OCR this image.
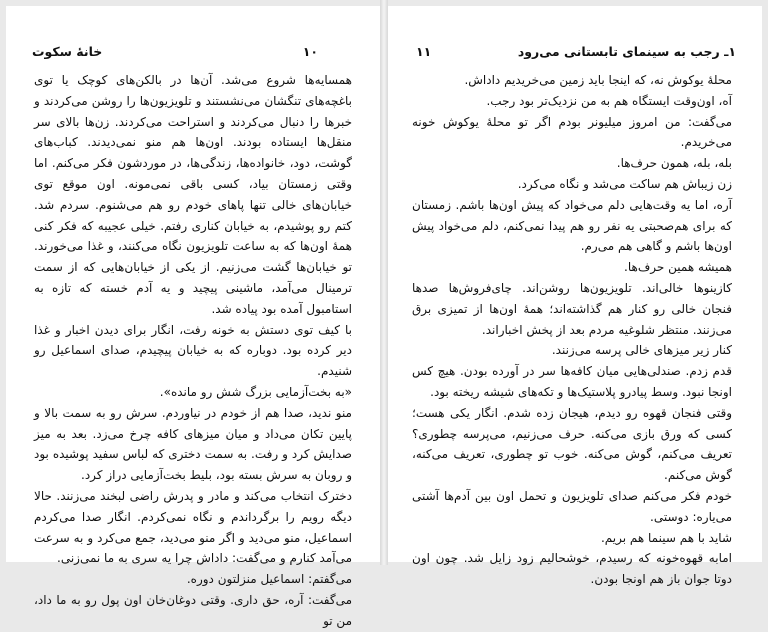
خانۀ سکوت	۱۰

همسایه‌ها شروع می‌شد. آن‌ها در بالکن‌های کوچک یا توی باغچه‌های تنگشان می‌نشستند و تلویزیون‌ها را روشن می‌کردند و خبرها را دنبال می‌کردند و استراحت می‌کردند. زن‌ها بالای سر منقل‌ها ایستاده بودند. اون‌ها هم منو نمی‌دیدند. کباب‌های گوشت، دود، خانواده‌ها، زندگی‌ها، در موردشون فکر می‌کنم. اما وقتی زمستان بیاد، کسی باقی نمی‌مونه. اون موقع توی خیابان‌های خالی تنها پاهای خودم رو هم می‌شنوم. سردم شد. کتم رو پوشیدم، به خیابان کناری رفتم. خیلی عجیبه که فکر کنی همهٔ اون‌ها که به ساعت تلویزیون نگاه می‌کنند، و غذا می‌خورند. تو خیابان‌ها گشت می‌زنیم. از یکی از خیابان‌هایی که از سمت ترمینال می‌آمد، ماشینی پیچید و یه آدم خسته که تازه به استامبول آمده بود پیاده شد.

با کیف توی دستش به خونه رفت، انگار برای دیدن اخبار و غذا دیر کرده بود. دوباره که به خیابان پیچیدم، صدای اسماعیل رو شنیدم.

«به بخت‌آزمایی بزرگ شش رو مانده».

منو ندید، صدا هم از خودم در نیاوردم. سرش رو به سمت بالا و پایین تکان می‌داد و میان میزهای کافه چرخ می‌زد. بعد به میز صدایش کرد و رفت. به سمت دختری که لباس سفید پوشیده بود و روبان به سرش بسته بود، بلیط بخت‌آزمایی دراز کرد.

دخترک انتخاب می‌کند و مادر و پدرش راضی لبخند می‌زنند. حالا دیگه رویم را برگرداندم و نگاه نمی‌کردم. انگار صدا می‌کردم اسماعیل، منو می‌دید و اگر منو می‌دید، جمع می‌کرد و به سرعت می‌آمد کنارم و می‌گفت: داداش چرا یه سری به ما نمی‌زنی.

می‌گفتم: اسماعیل منزلتون دوره.

می‌گفت: آره، حق داری. وقتی دوغان‌خان اون پول رو به ما داد، من تو

۱۱	۱ـ رجب به سینمای تابستانی می‌رود

محلهٔ یوکوش نه، که اینجا باید زمین می‌خریدیم داداش.

آه، اون‌وقت ایستگاه هم به من نزدیک‌تر بود رجب.

می‌گفت: من امروز میلیونر بودم اگر تو محلهٔ یوکوش خونه می‌خریدم.

بله، بله، همون حرف‌ها.

زن زیباش هم ساکت می‌شد و نگاه می‌کرد.

آره، اما یه وقت‌هایی دلم می‌خواد که پیش اون‌ها باشم. زمستان که برای هم‌صحبتی یه نفر رو هم پیدا نمی‌کنم، دلم می‌خواد پیش اون‌ها باشم و گاهی هم می‌رم.

همیشه همین حرف‌ها.

کازینوها خالی‌اند. تلویزیون‌ها روشن‌اند. چای‌فروش‌ها صدها فنجان خالی رو کنار هم گذاشته‌اند؛ همهٔ اون‌ها از تمیزی برق می‌زنند. منتظر شلوغیه مردم بعد از پخش اخباراند.

کنار زیر میزهای خالی پرسه می‌زنند.

قدم زدم. صندلی‌هایی میان کافه‌ها سر در آورده بودن. هیچ کس اونجا نبود. وسط پیادرو پلاستیک‌ها و تکه‌های شیشه ریخته بود.

وقتی فنجان قهوه رو دیدم، هیجان زده شدم. انگار یکی هست؛ کسی که ورق بازی می‌کنه. حرف می‌زنیم، می‌پرسه چطوری؟ تعریف می‌کنم، گوش می‌کنه. خوب تو چطوری، تعریف می‌کنه، گوش می‌کنم.

خودم فکر می‌کنم صدای تلویزیون و تحمل اون بین آدم‌ها آشتی می‌یاره: دوستی.

شاید با هم سینما هم بریم.

امابه قهوه‌خونه که رسیدم، خوشحالیم زود زایل شد. چون اون دوتا جوان باز هم اونجا بودن.
